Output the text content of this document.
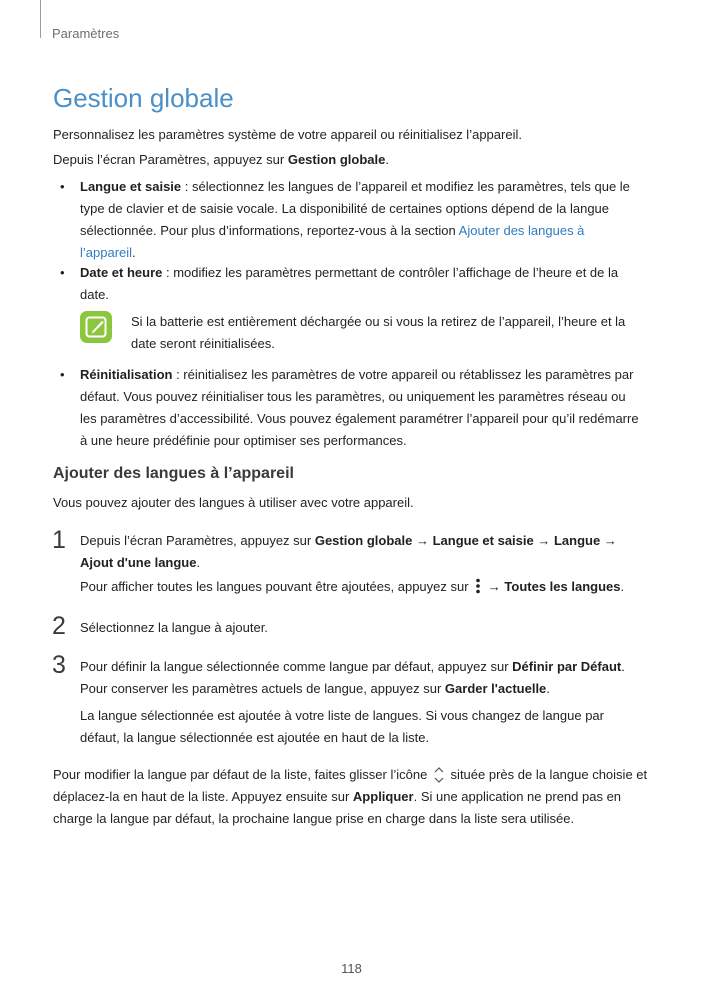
Paramètres
Gestion globale

Personnalisez les paramètres système de votre appareil ou réinitialisez l’appareil.

Depuis l’écran Paramètres, appuyez sur Gestion globale.

• Langue et saisie : sélectionnez les langues de l’appareil et modifiez les paramètres, tels que le type de clavier et de saisie vocale. La disponibilité de certaines options dépend de la langue sélectionnée. Pour plus d’informations, reportez-vous à la section Ajouter des langues à l’appareil.

• Date et heure : modifiez les paramètres permettant de contrôler l’affichage de l’heure et de la date.

Si la batterie est entièrement déchargée ou si vous la retirez de l’appareil, l’heure et la date seront réinitialisées.

• Réinitialisation : réinitialisez les paramètres de votre appareil ou rétablissez les paramètres par défaut. Vous pouvez réinitialiser tous les paramètres, ou uniquement les paramètres réseau ou les paramètres d’accessibilité. Vous pouvez également paramétrer l’appareil pour qu’il redémarre à une heure prédéfinie pour optimiser ses performances.

Ajouter des langues à l’appareil

Vous pouvez ajouter des langues à utiliser avec votre appareil.

1 Depuis l’écran Paramètres, appuyez sur Gestion globale → Langue et saisie → Langue → Ajout d'une langue.

Pour afficher toutes les langues pouvant être ajoutées, appuyez sur  → Toutes les langues.

2 Sélectionnez la langue à ajouter.

3 Pour définir la langue sélectionnée comme langue par défaut, appuyez sur Définir par Défaut. Pour conserver les paramètres actuels de langue, appuyez sur Garder l'actuelle.

La langue sélectionnée est ajoutée à votre liste de langues. Si vous changez de langue par défaut, la langue sélectionnée est ajoutée en haut de la liste.

Pour modifier la langue par défaut de la liste, faites glisser l’icône  située près de la langue choisie et déplacez-la en haut de la liste. Appuyez ensuite sur Appliquer. Si une application ne prend pas en charge la langue par défaut, la prochaine langue prise en charge dans la liste sera utilisée.

118
